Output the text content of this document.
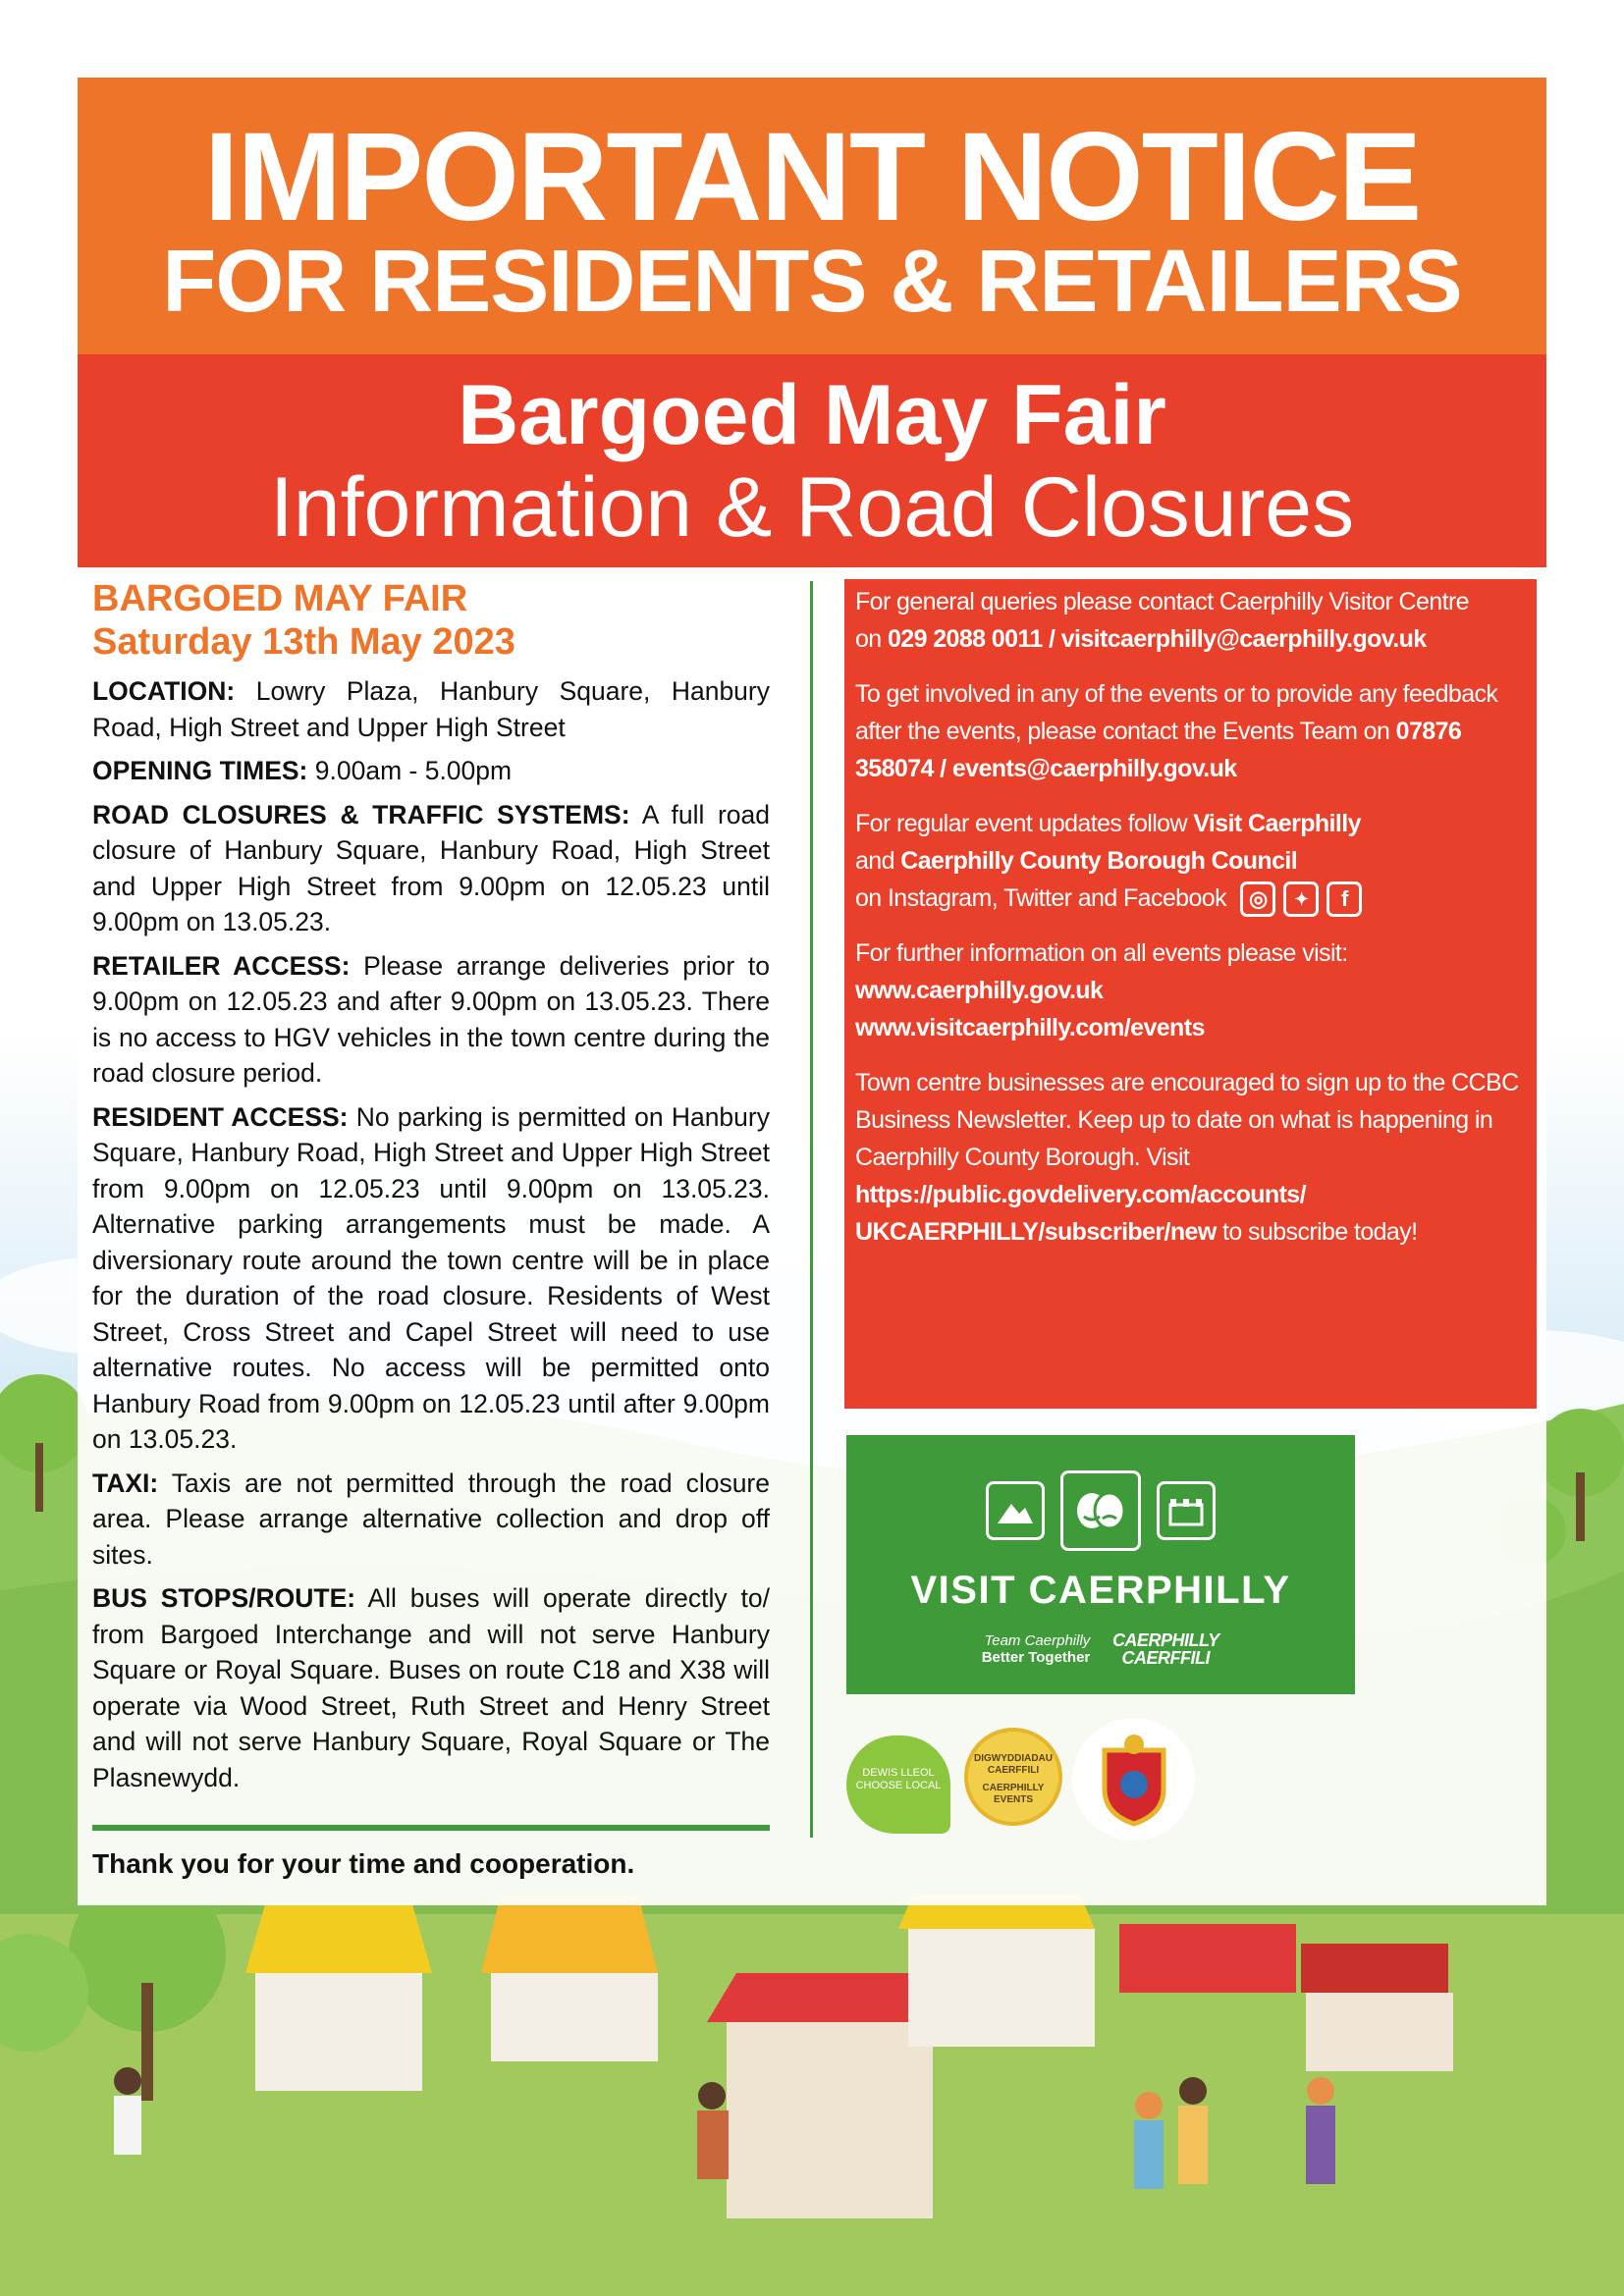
IMPORTANT NOTICE
FOR RESIDENTS & RETAILERS
Bargoed May Fair
Information & Road Closures
BARGOED MAY FAIR
Saturday 13th May 2023

LOCATION: Lowry Plaza, Hanbury Square, Hanbury Road, High Street and Upper High Street

OPENING TIMES: 9.00am - 5.00pm

ROAD CLOSURES & TRAFFIC SYSTEMS: A full road closure of Hanbury Square, Hanbury Road, High Street and Upper High Street from 9.00pm on 12.05.23 until 9.00pm on 13.05.23.

RETAILER ACCESS: Please arrange deliveries prior to 9.00pm on 12.05.23 and after 9.00pm on 13.05.23. There is no access to HGV vehicles in the town centre during the road closure period.

RESIDENT ACCESS: No parking is permitted on Hanbury Square, Hanbury Road, High Street and Upper High Street from 9.00pm on 12.05.23 until 9.00pm on 13.05.23. Alternative parking arrangements must be made. A diversionary route around the town centre will be in place for the duration of the road closure. Residents of West Street, Cross Street and Capel Street will need to use alternative routes. No access will be permitted onto Hanbury Road from 9.00pm on 12.05.23 until after 9.00pm on 13.05.23.

TAXI: Taxis are not permitted through the road closure area. Please arrange alternative collection and drop off sites.

BUS STOPS/ROUTE: All buses will operate directly to/ from Bargoed Interchange and will not serve Hanbury Square or Royal Square. Buses on route C18 and X38 will operate via Wood Street, Ruth Street and Henry Street and will not serve Hanbury Square, Royal Square or The Plasnewydd.

Thank you for your time and cooperation.

For general queries please contact Caerphilly Visitor Centre
on 029 2088 0011 / visitcaerphilly@caerphilly.gov.uk

To get involved in any of the events or to provide any feedback after the events, please contact the Events Team on 07876 358074 / events@caerphilly.gov.uk

For regular event updates follow Visit Caerphilly
and Caerphilly County Borough Council
on Instagram, Twitter and Facebook	◎	✦	f

For further information on all events please visit:
www.caerphilly.gov.uk
www.visitcaerphilly.com/events

Town centre businesses are encouraged to sign up to the CCBC Business Newsletter. Keep up to date on what is happening in Caerphilly County Borough. Visit https://public.govdelivery.com/accounts/ UKCAERPHILLY/subscriber/new to subscribe today!

VISIT CAERPHILLY
Team Caerphilly
Better Together
CAERPHILLY CAERFFILI
DEWIS LLEOL
CHOOSE LOCAL
DIGWYDDIADAU CAERFFILI
CAERPHILLY EVENTS
